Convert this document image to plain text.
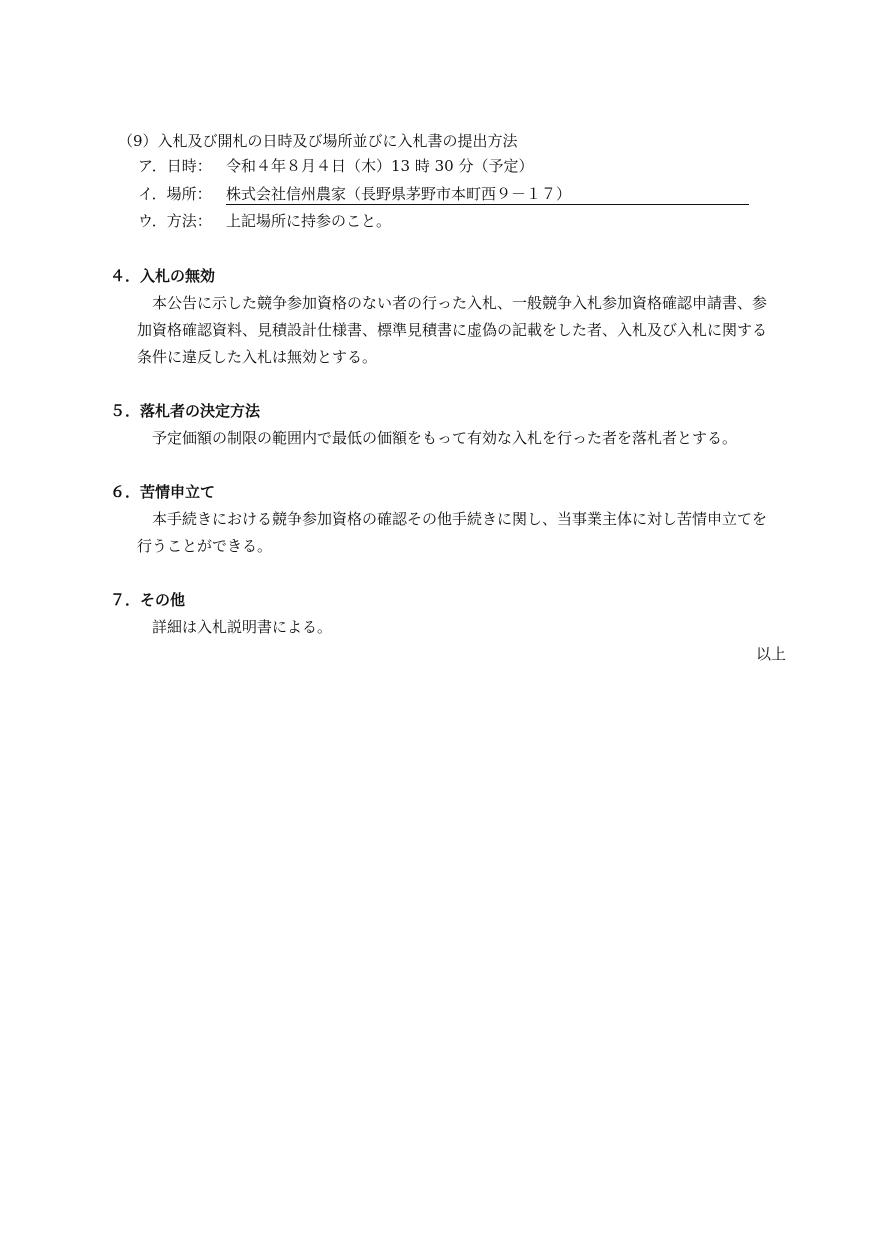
（9）入札及び開札の日時及び場所並びに入札書の提出方法
ア．日時： 令和４年８月４日（木）13 時 30 分（予定）
イ．場所： 株式会社信州農家（長野県茅野市本町西９－１７）
ウ．方法： 上記場所に持参のこと。
４．入札の無効
本公告に示した競争参加資格のない者の行った入札、一般競争入札参加資格確認申請書、参
加資格確認資料、見積設計仕様書、標準見積書に虚偽の記載をした者、入札及び入札に関する
条件に違反した入札は無効とする。
５．落札者の決定方法
予定価額の制限の範囲内で最低の価額をもって有効な入札を行った者を落札者とする。
６．苦情申立て
本手続きにおける競争参加資格の確認その他手続きに関し、当事業主体に対し苦情申立てを
行うことができる。
７．その他
詳細は入札説明書による。
以上
